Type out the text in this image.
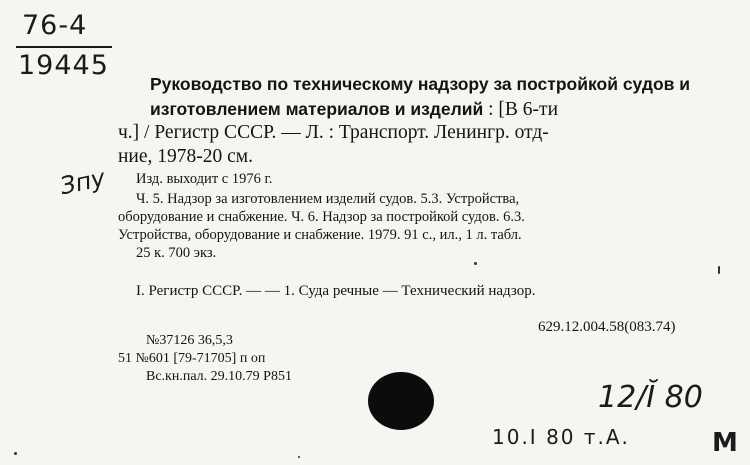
76-4
19445
Руководство по техническому надзору за постройкой судов и изготовлением материалов и изделий : [В 6-ти
ч.] / Регистр СССР. — Л. : Транспорт. Ленингр. отд-
ние, 1978-20 см.
Изд. выходит с 1976 г.
Зпу Ч. 5. Надзор за изготовлением изделий судов. 5.3. Устройства,
оборудование и снабжение. Ч. 6. Надзор за постройкой судов. 6.3.
Устройства, оборудование и снабжение. 1979. 91 с., ил., 1 л. табл.
25 к. 700 экз.
I. Регистр СССР. — — 1. Суда речные — Технический надзор.
629.12.004.58(083.74)
№37126 36,5,3
51 №601 [79-71705] п оп
Вс.кн.пал. 29.10.79 Р851
12/Ĭ 80
10.I 80 т.А.	М
